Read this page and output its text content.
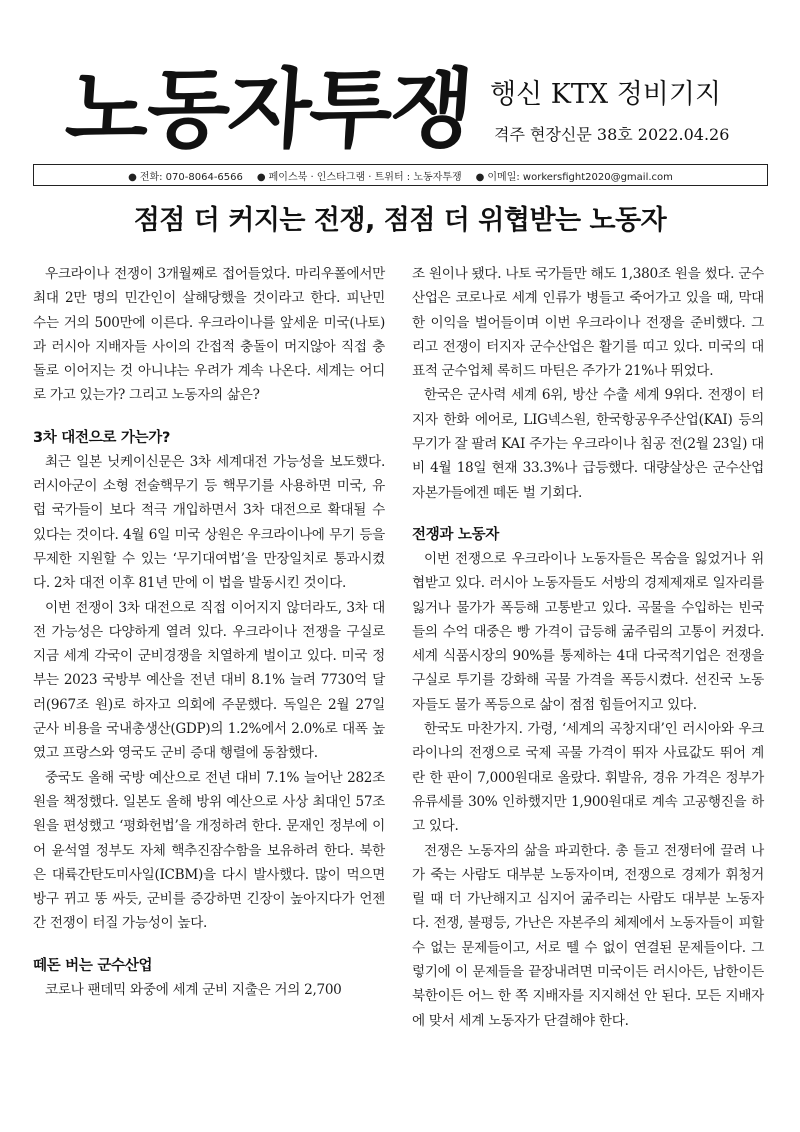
노동자투쟁 행신 KTX 정비기지
격주 현장신문 38호 2022.04.26
● 전화: 070-8064-6566 ● 페이스북 · 인스타그램 · 트위터 : 노동자투쟁 ● 이메일: workersfight2020@gmail.com
점점 더 커지는 전쟁, 점점 더 위협받는 노동자

우크라이나 전쟁이 3개월째로 접어들었다. 마리우폴에서만 최대 2만 명의 민간인이 살해당했을 것이라고 한다. 피난민 수는 거의 500만에 이른다. 우크라이나를 앞세운 미국(나토)과 러시아 지배자들 사이의 간접적 충돌이 머지않아 직접 충돌로 이어지는 것 아니냐는 우려가 계속 나온다. 세계는 어디로 가고 있는가? 그리고 노동자의 삶은?

3차 대전으로 가는가?

최근 일본 닛케이신문은 3차 세계대전 가능성을 보도했다. 러시아군이 소형 전술핵무기 등 핵무기를 사용하면 미국, 유럽 국가들이 보다 적극 개입하면서 3차 대전으로 확대될 수 있다는 것이다. 4월 6일 미국 상원은 우크라이나에 무기 등을 무제한 지원할 수 있는 ‘무기대여법’을 만장일치로 통과시켰다. 2차 대전 이후 81년 만에 이 법을 발동시킨 것이다.

이번 전쟁이 3차 대전으로 직접 이어지지 않더라도, 3차 대전 가능성은 다양하게 열려 있다. 우크라이나 전쟁을 구실로 지금 세계 각국이 군비경쟁을 치열하게 벌이고 있다. 미국 정부는 2023 국방부 예산을 전년 대비 8.1% 늘려 7730억 달러(967조 원)로 하자고 의회에 주문했다. 독일은 2월 27일 군사 비용을 국내총생산(GDP)의 1.2%에서 2.0%로 대폭 높였고 프랑스와 영국도 군비 증대 행렬에 동참했다.

중국도 올해 국방 예산으로 전년 대비 7.1% 늘어난 282조 원을 책정했다. 일본도 올해 방위 예산으로 사상 최대인 57조 원을 편성했고 ‘평화헌법’을 개정하려 한다. 문재인 정부에 이어 윤석열 정부도 자체 핵추진잠수함을 보유하려 한다. 북한은 대륙간탄도미사일(ICBM)을 다시 발사했다. 많이 먹으면 방구 뀌고 똥 싸듯, 군비를 증강하면 긴장이 높아지다가 언젠간 전쟁이 터질 가능성이 높다.

떼돈 버는 군수산업

코로나 팬데믹 와중에 세계 군비 지출은 거의 2,700

조 원이나 됐다. 나토 국가들만 해도 1,380조 원을 썼다. 군수산업은 코로나로 세계 인류가 병들고 죽어가고 있을 때, 막대한 이익을 벌어들이며 이번 우크라이나 전쟁을 준비했다. 그리고 전쟁이 터지자 군수산업은 활기를 띠고 있다. 미국의 대표적 군수업체 록히드 마틴은 주가가 21%나 뛰었다.

한국은 군사력 세계 6위, 방산 수출 세계 9위다. 전쟁이 터지자 한화 에어로, LIG넥스원, 한국항공우주산업(KAI) 등의 무기가 잘 팔려 KAI 주가는 우크라이나 침공 전(2월 23일) 대비 4월 18일 현재 33.3%나 급등했다. 대량살상은 군수산업 자본가들에겐 떼돈 벌 기회다.

전쟁과 노동자

이번 전쟁으로 우크라이나 노동자들은 목숨을 잃었거나 위협받고 있다. 러시아 노동자들도 서방의 경제제재로 일자리를 잃거나 물가가 폭등해 고통받고 있다. 곡물을 수입하는 빈국들의 수억 대중은 빵 가격이 급등해 굶주림의 고통이 커졌다. 세계 식품시장의 90%를 통제하는 4대 다국적기업은 전쟁을 구실로 투기를 강화해 곡물 가격을 폭등시켰다. 선진국 노동자들도 물가 폭등으로 삶이 점점 힘들어지고 있다.

한국도 마찬가지. 가령, ‘세계의 곡창지대’인 러시아와 우크라이나의 전쟁으로 국제 곡물 가격이 뛰자 사료값도 뛰어 계란 한 판이 7,000원대로 올랐다. 휘발유, 경유 가격은 정부가 유류세를 30% 인하했지만 1,900원대로 계속 고공행진을 하고 있다.

전쟁은 노동자의 삶을 파괴한다. 총 들고 전쟁터에 끌려 나가 죽는 사람도 대부분 노동자이며, 전쟁으로 경제가 휘청거릴 때 더 가난해지고 심지어 굶주리는 사람도 대부분 노동자다. 전쟁, 불평등, 가난은 자본주의 체제에서 노동자들이 피할 수 없는 문제들이고, 서로 뗄 수 없이 연결된 문제들이다. 그렇기에 이 문제들을 끝장내려면 미국이든 러시아든, 남한이든 북한이든 어느 한 쪽 지배자를 지지해선 안 된다. 모든 지배자에 맞서 세계 노동자가 단결해야 한다.
